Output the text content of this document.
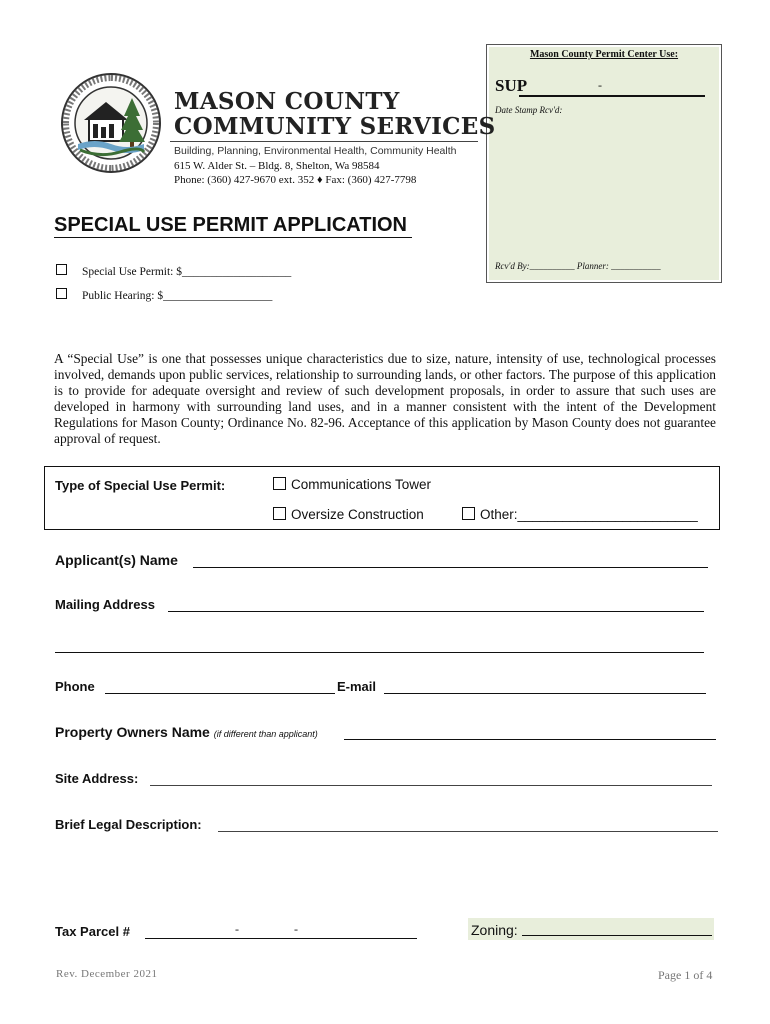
Mason County Permit Center Use:
SUP	-
Date Stamp Rcv'd:
Rcv'd By:__________ Planner: ___________
MASON COUNTY
COMMUNITY SERVICES
Building, Planning, Environmental Health, Community Health
615 W. Alder St. – Bldg. 8, Shelton, Wa 98584
Phone: (360) 427-9670 ext. 352 ♦ Fax: (360) 427-7798
SPECIAL USE PERMIT APPLICATION
Special Use Permit: $___________________
Public Hearing: $___________________
A “Special Use” is one that possesses unique characteristics due to size, nature, intensity of use, technological processes involved, demands upon public services, relationship to surrounding lands, or other factors. The purpose of this application is to provide for adequate oversight and review of such development proposals, in order to assure that such uses are developed in harmony with surrounding land uses, and in a manner consistent with the intent of the Development Regulations for Mason County; Ordinance No. 82-96. Acceptance of this application by Mason County does not guarantee approval of request.
Type of Special Use Permit:	Communications Tower
Oversize Construction	Other:________________________
Applicant(s) Name
Mailing Address
Phone	E-mail
Property Owners Name (if different than applicant)
Site Address:
Brief Legal Description:
Tax Parcel #	-	-	Zoning:
Rev. December 2021	Page 1 of 4
